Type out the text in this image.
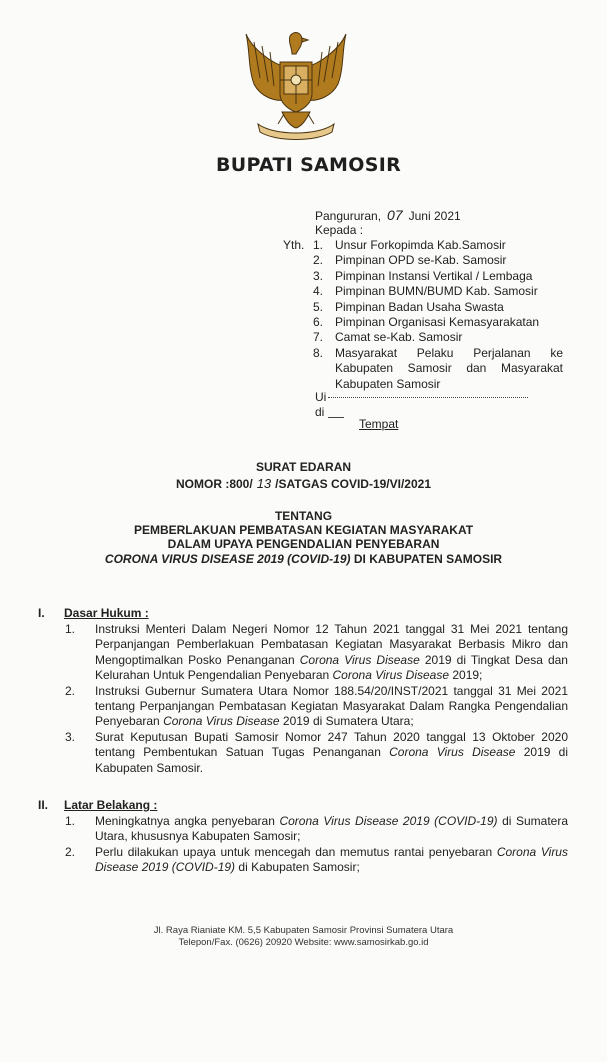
BUPATI SAMOSIR
Pangururan, 07 Juni 2021
Kepada :
Yth. 1. Unsur Forkopimda Kab.Samosir
2. Pimpinan OPD se-Kab. Samosir
3. Pimpinan Instansi Vertikal / Lembaga
4. Pimpinan BUMN/BUMD Kab. Samosir
5. Pimpinan Badan Usaha Swasta
6. Pimpinan Organisasi Kemasyarakatan
7. Camat se-Kab. Samosir
8. Masyarakat Pelaku Perjalanan ke Kabupaten Samosir dan Masyarakat Kabupaten Samosir
Ui
di
Tempat
SURAT EDARAN
NOMOR :800/ 13 /SATGAS COVID-19/VI/2021
TENTANG
PEMBERLAKUAN PEMBATASAN KEGIATAN MASYARAKAT
DALAM UPAYA PENGENDALIAN PENYEBARAN
CORONA VIRUS DISEASE 2019 (COVID-19) DI KABUPATEN SAMOSIR
I.	Dasar Hukum :
1.	Instruksi Menteri Dalam Negeri Nomor 12 Tahun 2021 tanggal 31 Mei 2021 tentang Perpanjangan Pemberlakuan Pembatasan Kegiatan Masyarakat Berbasis Mikro dan Mengoptimalkan Posko Penanganan Corona Virus Disease 2019 di Tingkat Desa dan Kelurahan Untuk Pengendalian Penyebaran Corona Virus Disease 2019;
2.	Instruksi Gubernur Sumatera Utara Nomor 188.54/20/INST/2021 tanggal 31 Mei 2021 tentang Perpanjangan Pembatasan Kegiatan Masyarakat Dalam Rangka Pengendalian Penyebaran Corona Virus Disease 2019 di Sumatera Utara;
3.	Surat Keputusan Bupati Samosir Nomor 247 Tahun 2020 tanggal 13 Oktober 2020 tentang Pembentukan Satuan Tugas Penanganan Corona Virus Disease 2019 di Kabupaten Samosir.
II.	Latar Belakang :
1.	Meningkatnya angka penyebaran Corona Virus Disease 2019 (COVID-19) di Sumatera Utara, khususnya Kabupaten Samosir;
2.	Perlu dilakukan upaya untuk mencegah dan memutus rantai penyebaran Corona Virus Disease 2019 (COVID-19) di Kabupaten Samosir;
Jl. Raya Rianiate KM. 5,5 Kabupaten Samosir Provinsi Sumatera Utara
Telepon/Fax. (0626) 20920 Website: www.samosirkab.go.id
